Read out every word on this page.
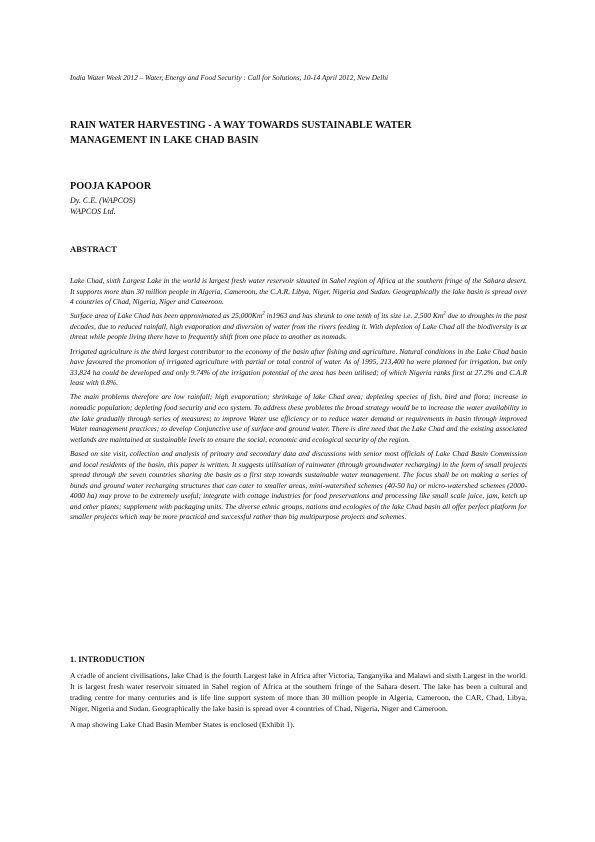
India Water Week 2012 – Water, Energy and Food Security : Call for Solutions, 10-14 April 2012, New Delhi
RAIN WATER HARVESTING - A WAY TOWARDS SUSTAINABLE WATER
MANAGEMENT IN LAKE CHAD BASIN
POOJA KAPOOR
Dy. C.E. (WAPCOS)
WAPCOS Ltd.
ABSTRACT

Lake Chad, sixth Largest Lake in the world is largest fresh water reservoir situated in Sahel region of Africa at the southern fringe of the Sahara desert. It supports more than 30 million people in Algeria, Cameroon, the C.A.R, Libya, Niger, Nigeria and Sudan. Geographically the lake basin is spread over 4 countries of Chad, Nigeria, Niger and Cameroon.

Surface area of Lake Chad has been approximated as 25,000Km$^2$ in1963 and has shrunk to one tenth of its size i.e. 2,500 Km$^2$ due to droughts in the past decades, due to reduced rainfall, high evaporation and diversion of water from the rivers feeding it. With depletion of Lake Chad all the biodiversity is at threat while people living there have to frequently shift from one place to another as nomads.

Irrigated agriculture is the third largest contributor to the economy of the basin after fishing and agriculture. Natural conditions in the Lake Chad basin have favoured the promotion of irrigated agriculture with partial or total control of water. As of 1995, 213,400 ha were planned for irrigation, but only 33,824 ha could be developed and only 9.74% of the irrigation potential of the area has been utilised; of which Nigeria ranks first at 27.2% and C.A.R least with 0.8%.

The main problems therefore are low rainfall; high evaporation; shrinkage of lake Chad area; depleting species of fish, bird and flora; increase in nomadic population; depleting food security and eco system. To address these problems the broad strategy would be to increase the water availability in the lake gradually through series of measures; to improve Water use efficiency or to reduce water demand or requirements in basin through improved Water management practices; to develop Conjunctive use of surface and ground water. There is dire need that the Lake Chad and the existing associated wetlands are maintained at sustainable levels to ensure the social, economic and ecological security of the region.

Based on site visit, collection and analysis of primary and secondary data and discussions with senior most officials of Lake Chad Basin Commission and local residents of the basin, this paper is written. It suggests utilisation of rainwater (through groundwater recharging) in the form of small projects spread through the seven countries sharing the basin as a first step towards sustainable water management. The focus shall be on making a series of bunds and ground water recharging structures that can cater to smaller areas, mini-watershed schemes (40-50 ha) or micro-watershed schemes (2000-4000 ha) may prove to be extremely useful; integrate with cottage industries for food preservations and processing like small scale juice, jam, ketch up and other plants; supplement with packaging units. The diverse ethnic groups, nations and ecologies of the lake Chad basin all offer perfect platform for smaller projects which may be more practical and successful rather than big multipurpose projects and schemes.

1. INTRODUCTION

A cradle of ancient civilisations, lake Chad is the fourth Largest lake in Africa after Victoria, Tanganyika and Malawi and sixth Largest in the world. It is largest fresh water reservoir situated in Sahel region of Africa at the southern fringe of the Sahara desert. The lake has been a cultural and trading centre for many centuries and is life line support system of more than 30 million people in Algeria, Cameroon, the CAR, Chad, Libya, Niger, Nigeria and Sudan. Geographically the lake basin is spread over 4 countries of Chad, Nigeria, Niger and Cameroon.

A map showing Lake Chad Basin Member States is enclosed (Exhibit 1).
